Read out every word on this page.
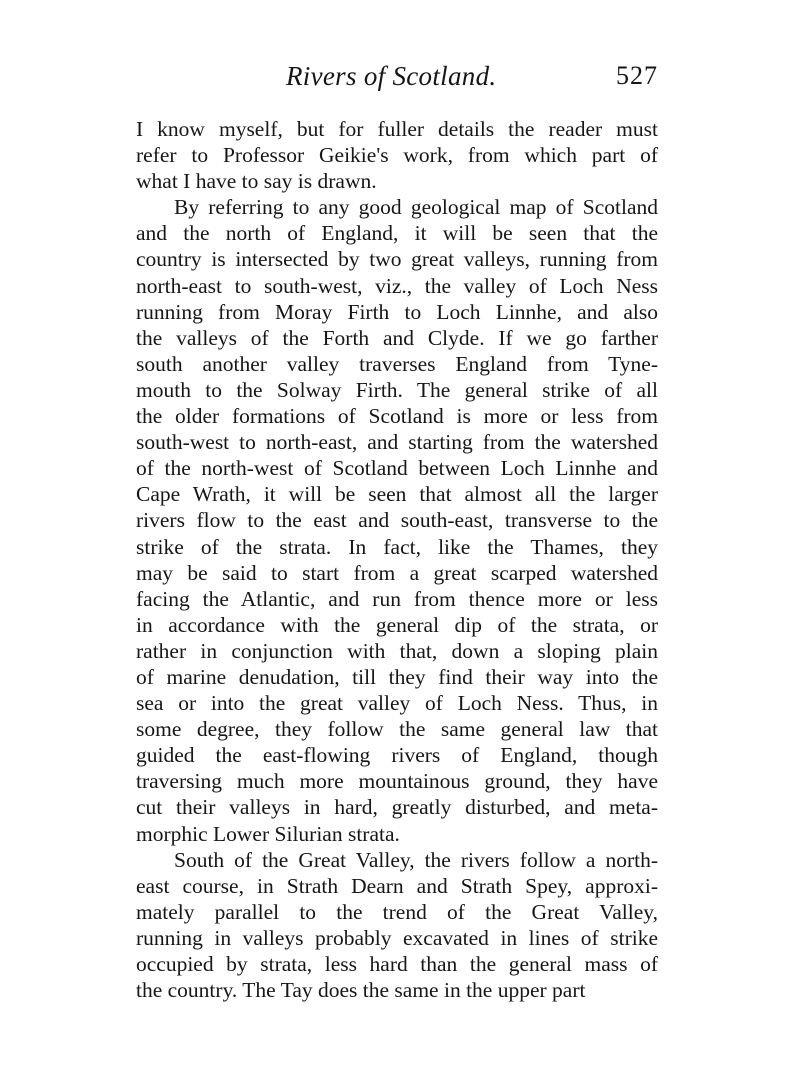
Rivers of Scotland.	527
I know myself, but for fuller details the reader must
refer to Professor Geikie's work, from which part of
what I have to say is drawn.
By referring to any good geological map of Scotland
and the north of England, it will be seen that the
country is intersected by two great valleys, running from
north-east to south-west, viz., the valley of Loch Ness
running from Moray Firth to Loch Linnhe, and also
the valleys of the Forth and Clyde. If we go farther
south another valley traverses England from Tyne-
mouth to the Solway Firth. The general strike of all
the older formations of Scotland is more or less from
south-west to north-east, and starting from the watershed
of the north-west of Scotland between Loch Linnhe and
Cape Wrath, it will be seen that almost all the larger
rivers flow to the east and south-east, transverse to the
strike of the strata. In fact, like the Thames, they
may be said to start from a great scarped watershed
facing the Atlantic, and run from thence more or less
in accordance with the general dip of the strata, or
rather in conjunction with that, down a sloping plain
of marine denudation, till they find their way into the
sea or into the great valley of Loch Ness. Thus, in
some degree, they follow the same general law that
guided the east-flowing rivers of England, though
traversing much more mountainous ground, they have
cut their valleys in hard, greatly disturbed, and meta-
morphic Lower Silurian strata.
South of the Great Valley, the rivers follow a north-
east course, in Strath Dearn and Strath Spey, approxi-
mately parallel to the trend of the Great Valley,
running in valleys probably excavated in lines of strike
occupied by strata, less hard than the general mass of
the country. The Tay does the same in the upper part
